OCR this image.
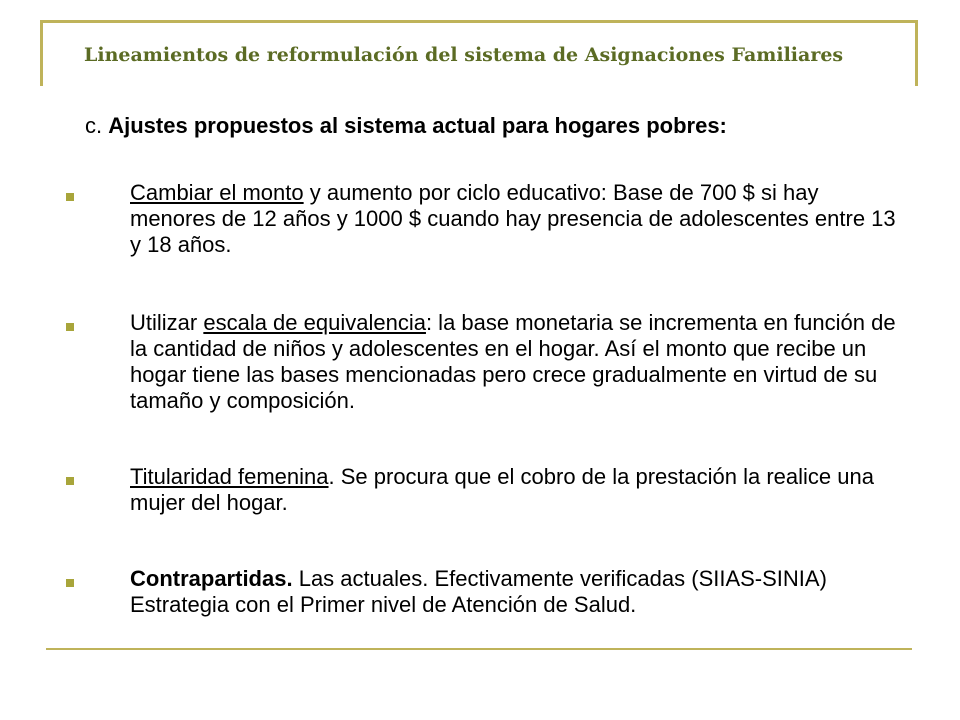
Lineamientos de reformulación del sistema de Asignaciones Familiares
c. Ajustes propuestos al sistema actual para hogares pobres:
Cambiar el monto y aumento por ciclo educativo: Base de 700 $ si hay menores de 12 años y 1000 $ cuando hay presencia de adolescentes entre 13 y 18 años.
Utilizar escala de equivalencia: la base monetaria se incrementa en función de la cantidad de niños y adolescentes en el hogar. Así el monto que recibe un hogar tiene las bases mencionadas pero crece gradualmente en virtud de su tamaño y composición.
Titularidad femenina. Se procura que el cobro de la prestación la realice una mujer del hogar.
Contrapartidas. Las actuales. Efectivamente verificadas (SIIAS-SINIA) Estrategia con el Primer nivel de Atención de Salud.
